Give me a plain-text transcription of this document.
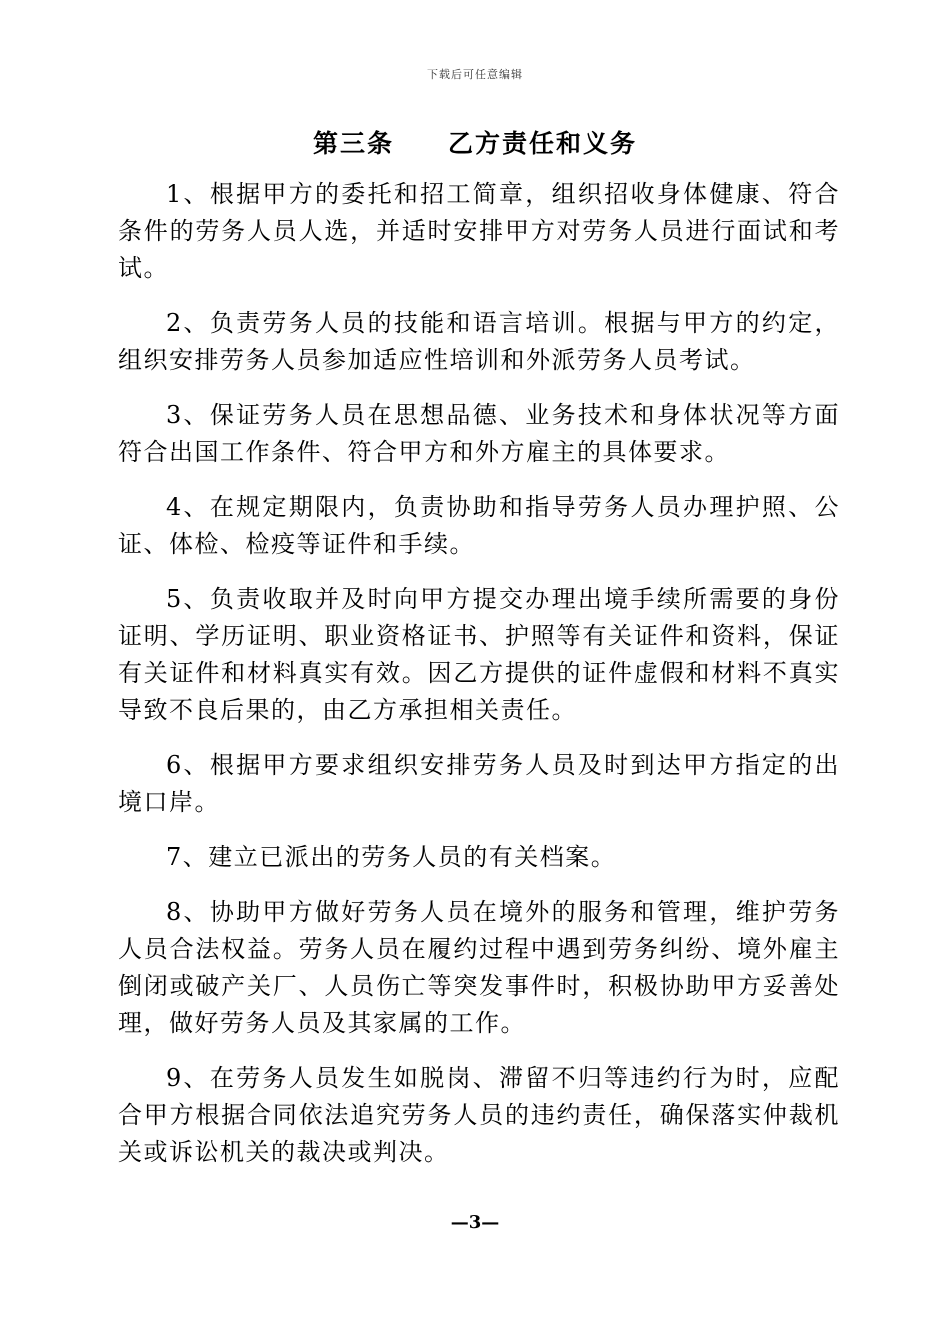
下载后可任意编辑
第三条　　乙方责任和义务

1、根据甲方的委托和招工简章，组织招收身体健康、符合条件的劳务人员人选，并适时安排甲方对劳务人员进行面试和考试。

2、负责劳务人员的技能和语言培训。根据与甲方的约定，组织安排劳务人员参加适应性培训和外派劳务人员考试。

3、保证劳务人员在思想品德、业务技术和身体状况等方面符合出国工作条件、符合甲方和外方雇主的具体要求。

4、在规定期限内，负责协助和指导劳务人员办理护照、公证、体检、检疫等证件和手续。

5、负责收取并及时向甲方提交办理出境手续所需要的身份证明、学历证明、职业资格证书、护照等有关证件和资料，保证有关证件和材料真实有效。因乙方提供的证件虚假和材料不真实导致不良后果的，由乙方承担相关责任。

6、根据甲方要求组织安排劳务人员及时到达甲方指定的出境口岸。

7、建立已派出的劳务人员的有关档案。

8、协助甲方做好劳务人员在境外的服务和管理，维护劳务人员合法权益。劳务人员在履约过程中遇到劳务纠纷、境外雇主倒闭或破产关厂、人员伤亡等突发事件时，积极协助甲方妥善处理，做好劳务人员及其家属的工作。

9、在劳务人员发生如脱岗、滞留不归等违约行为时，应配合甲方根据合同依法追究劳务人员的违约责任，确保落实仲裁机关或诉讼机关的裁决或判决。

—3—
